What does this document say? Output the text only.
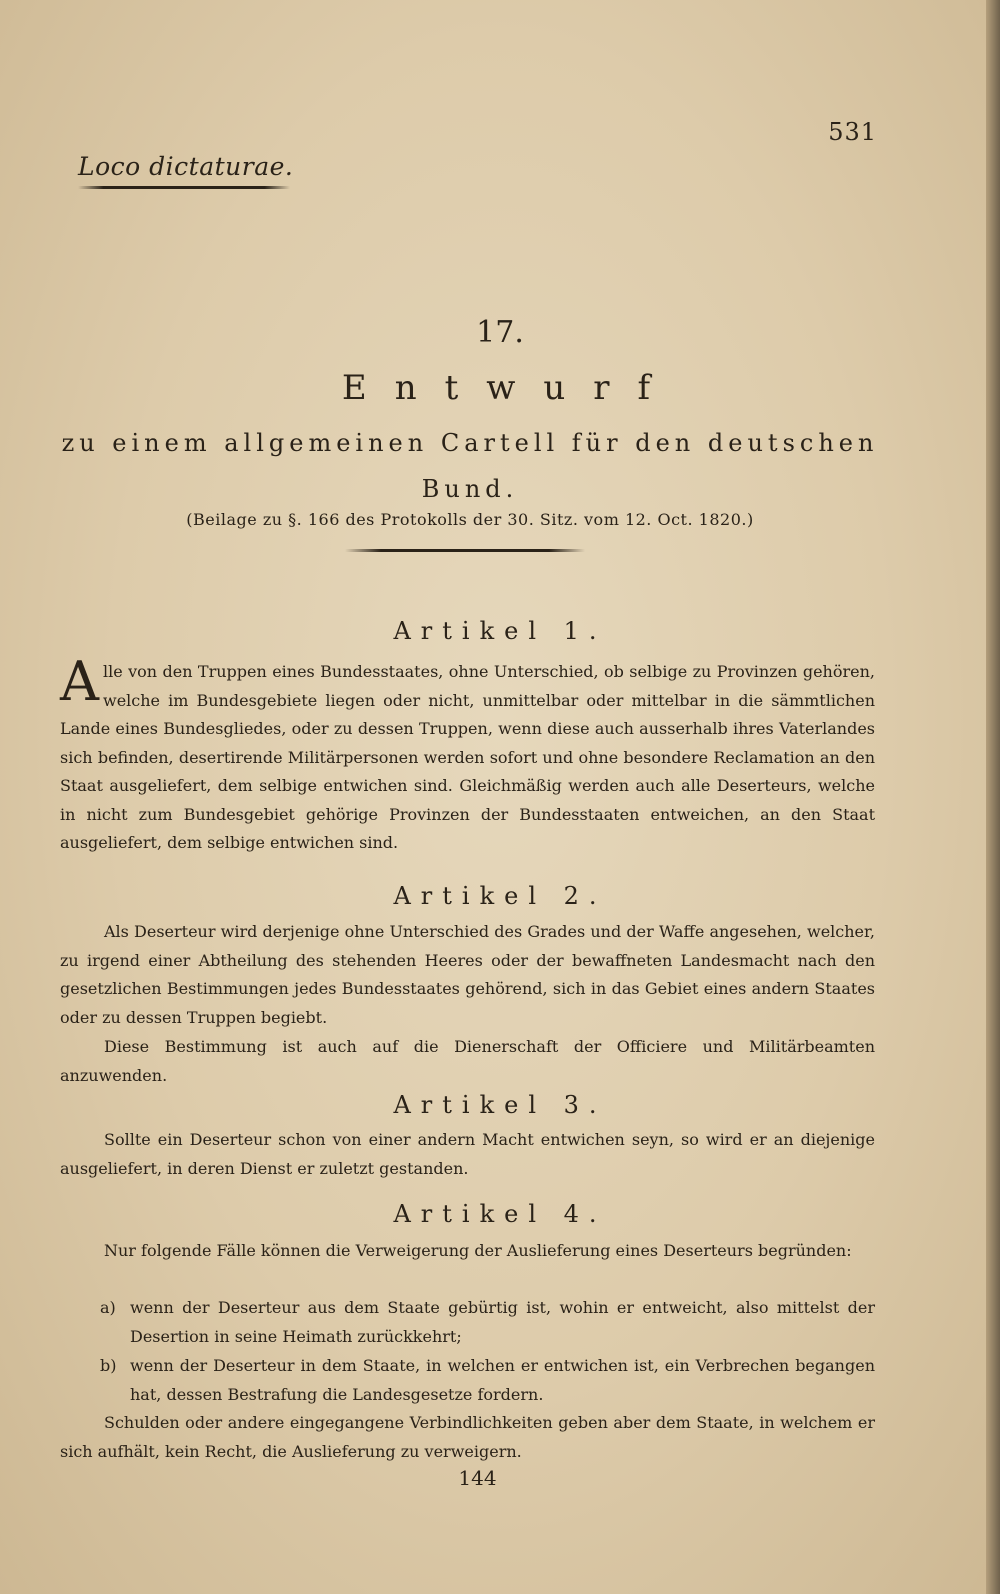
531
Loco dictaturae.
17.
Entwurf
zu einem allgemeinen Cartell für den deutschen Bund.
(Beilage zu §. 166 des Protokolls der 30. Sitz. vom 12. Oct. 1820.)
Artikel 1.
Alle von den Truppen eines Bundesstaates, ohne Unterschied, ob selbige zu Provinzen gehören, welche im Bundesgebiete liegen oder nicht, unmittelbar oder mittelbar in die sämmtlichen Lande eines Bundesgliedes, oder zu dessen Truppen, wenn diese auch ausserhalb ihres Vaterlandes sich befinden, desertirende Militärpersonen werden sofort und ohne besondere Reclamation an den Staat ausgeliefert, dem selbige entwichen sind. Gleichmäßig werden auch alle Deserteurs, welche in nicht zum Bundesgebiet gehörige Provinzen der Bundesstaaten entweichen, an den Staat ausgeliefert, dem selbige entwichen sind.
Artikel 2.
Als Deserteur wird derjenige ohne Unterschied des Grades und der Waffe angesehen, welcher, zu irgend einer Abtheilung des stehenden Heeres oder der bewaffneten Landesmacht nach den gesetzlichen Bestimmungen jedes Bundesstaates gehörend, sich in das Gebiet eines andern Staates oder zu dessen Truppen begiebt.
Diese Bestimmung ist auch auf die Dienerschaft der Officiere und Militärbeamten anzuwenden.
Artikel 3.
Sollte ein Deserteur schon von einer andern Macht entwichen seyn, so wird er an diejenige ausgeliefert, in deren Dienst er zuletzt gestanden.
Artikel 4.
Nur folgende Fälle können die Verweigerung der Auslieferung eines Deserteurs begründen:
a) wenn der Deserteur aus dem Staate gebürtig ist, wohin er entweicht, also mittelst der Desertion in seine Heimath zurückkehrt;
b) wenn der Deserteur in dem Staate, in welchen er entwichen ist, ein Verbrechen begangen hat, dessen Bestrafung die Landesgesetze fordern.
Schulden oder andere eingegangene Verbindlichkeiten geben aber dem Staate, in welchem er sich aufhält, kein Recht, die Auslieferung zu verweigern.
144
